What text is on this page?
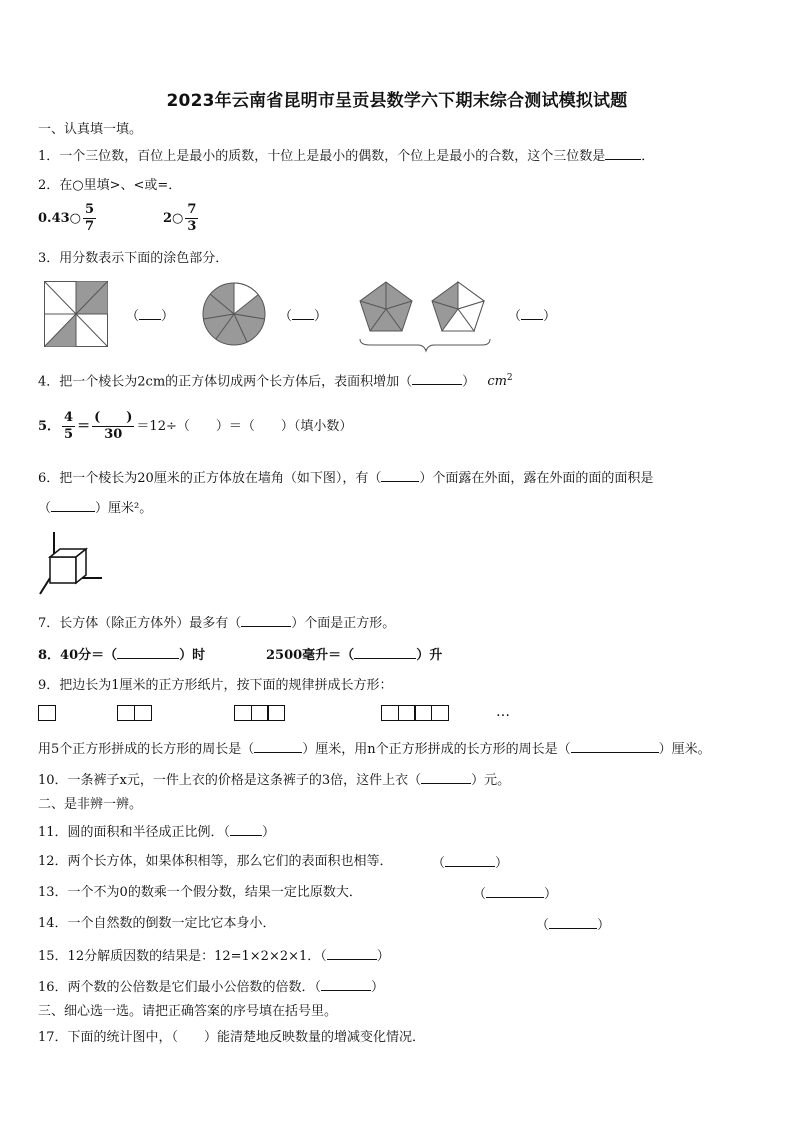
2023年云南省昆明市呈贡县数学六下期末综合测试模拟试题
一、认真填一填。
1．一个三位数，百位上是最小的质数，十位上是最小的偶数，个位上是最小的合数，这个三位数是	．
2．在○里填>、<或=．
0.43○ $\frac{5}{7}$	2○ $\frac{7}{3}$
3．用分数表示下面的涂色部分．
（ ）	（ ）	（ ）
4．把一个棱长为2cm的正方体切成两个长方体后，表面积增加（	） $cm^2$
5． $\frac{4}{5} = \frac{( )}{30} =12\div$（　　）＝（　　）（填小数）
6．把一个棱长为20厘米的正方体放在墙角（如下图），有（	）个面露在外面，露在外面的面的面积是
（	）厘米²。
7．长方体（除正方体外）最多有（	）个面是正方形。
8．40分＝（	）时	2500毫升＝（	）升
9．把边长为1厘米的正方形纸片，按下面的规律拼成长方形：
…
用5个正方形拼成的长方形的周长是（	）厘米，用n个正方形拼成的长方形的周长是（	）厘米。
10．一条裤子x元，一件上衣的价格是这条裤子的3倍，这件上衣（	）元。
二、是非辨一辨。
11．圆的面积和半径成正比例．（ ）
12．两个长方体，如果体积相等，那么它们的表面积也相等．	（	）
13．一个不为0的数乘一个假分数，结果一定比原数大．	（	）
14．一个自然数的倒数一定比它本身小．	（	）
15．12分解质因数的结果是：12=1×2×2×1．（	）
16．两个数的公倍数是它们最小公倍数的倍数．（	）
三、细心选一选。请把正确答案的序号填在括号里。
17．下面的统计图中，（　　）能清楚地反映数量的增减变化情况．
